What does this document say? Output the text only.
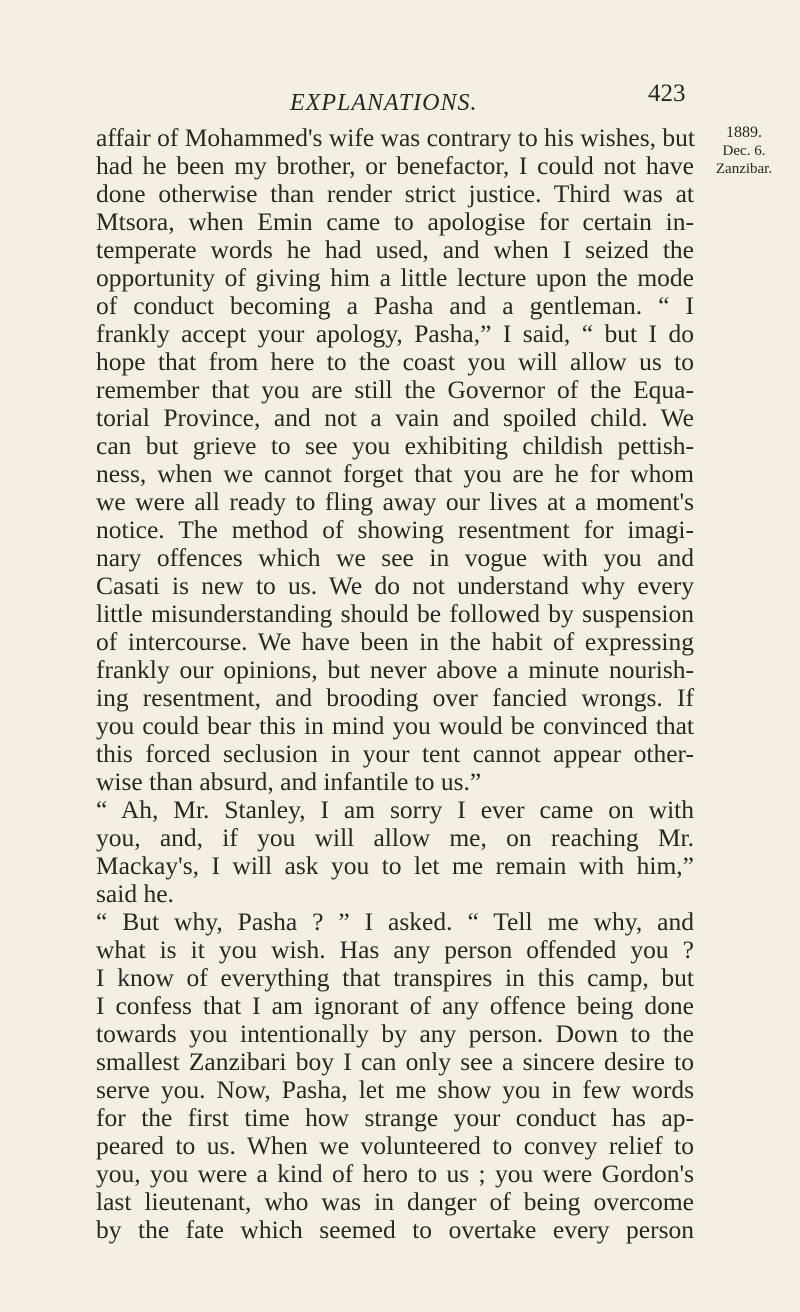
EXPLANATIONS.	423
1889.
Dec. 6.
Zanzibar.
affair of Mohammed's wife was contrary to his wishes, but
had he been my brother, or benefactor, I could not have
done otherwise than render strict justice. Third was at
Mtsora, when Emin came to apologise for certain in-
temperate words he had used, and when I seized the
opportunity of giving him a little lecture upon the mode
of conduct becoming a Pasha and a gentleman. “ I
frankly accept your apology, Pasha,” I said, “ but I do
hope that from here to the coast you will allow us to
remember that you are still the Governor of the Equa-
torial Province, and not a vain and spoiled child. We
can but grieve to see you exhibiting childish pettish-
ness, when we cannot forget that you are he for whom
we were all ready to fling away our lives at a moment's
notice. The method of showing resentment for imagi-
nary offences which we see in vogue with you and
Casati is new to us. We do not understand why every
little misunderstanding should be followed by suspension
of intercourse. We have been in the habit of expressing
frankly our opinions, but never above a minute nourish-
ing resentment, and brooding over fancied wrongs. If
you could bear this in mind you would be convinced that
this forced seclusion in your tent cannot appear other-
wise than absurd, and infantile to us.”
“ Ah, Mr. Stanley, I am sorry I ever came on with
you, and, if you will allow me, on reaching Mr.
Mackay's, I will ask you to let me remain with him,”
said he.
“ But why, Pasha ? ” I asked. “ Tell me why, and
what is it you wish. Has any person offended you ?
I know of everything that transpires in this camp, but
I confess that I am ignorant of any offence being done
towards you intentionally by any person. Down to the
smallest Zanzibari boy I can only see a sincere desire to
serve you. Now, Pasha, let me show you in few words
for the first time how strange your conduct has ap-
peared to us. When we volunteered to convey relief to
you, you were a kind of hero to us ; you were Gordon's
last lieutenant, who was in danger of being overcome
by the fate which seemed to overtake every person
